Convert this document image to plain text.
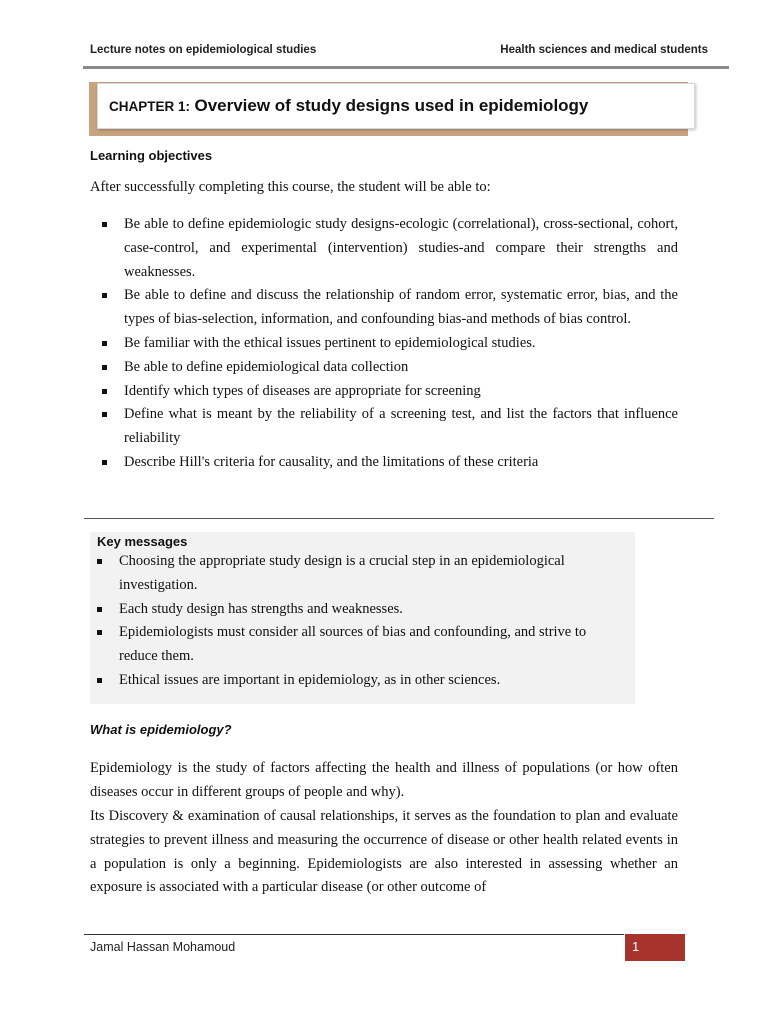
Lecture notes on epidemiological studies	Health sciences and medical students
CHAPTER 1: Overview of study designs used in epidemiology
Learning objectives
After successfully completing this course, the student will be able to:
Be able to define epidemiologic study designs-ecologic (correlational), cross-sectional, cohort, case-control, and experimental (intervention) studies-and compare their strengths and weaknesses.
Be able to define and discuss the relationship of random error, systematic error, bias, and the types of bias-selection, information, and confounding bias-and methods of bias control.
Be familiar with the ethical issues pertinent to epidemiological studies.
Be able to define epidemiological data collection
Identify which types of diseases are appropriate for screening
Define what is meant by the reliability of a screening test, and list the factors that influence reliability
Describe Hill's criteria for causality, and the limitations of these criteria
Key messages
Choosing the appropriate study design is a crucial step in an epidemiological investigation.
Each study design has strengths and weaknesses.
Epidemiologists must consider all sources of bias and confounding, and strive to reduce them.
Ethical issues are important in epidemiology, as in other sciences.
What is epidemiology?

Epidemiology is the study of factors affecting the health and illness of populations (or how often diseases occur in different groups of people and why).

Its Discovery & examination of causal relationships, it serves as the foundation to plan and evaluate strategies to prevent illness and measuring the occurrence of disease or other health related events in a population is only a beginning. Epidemiologists are also interested in assessing whether an exposure is associated with a particular disease (or other outcome of

Jamal Hassan Mohamoud	1
